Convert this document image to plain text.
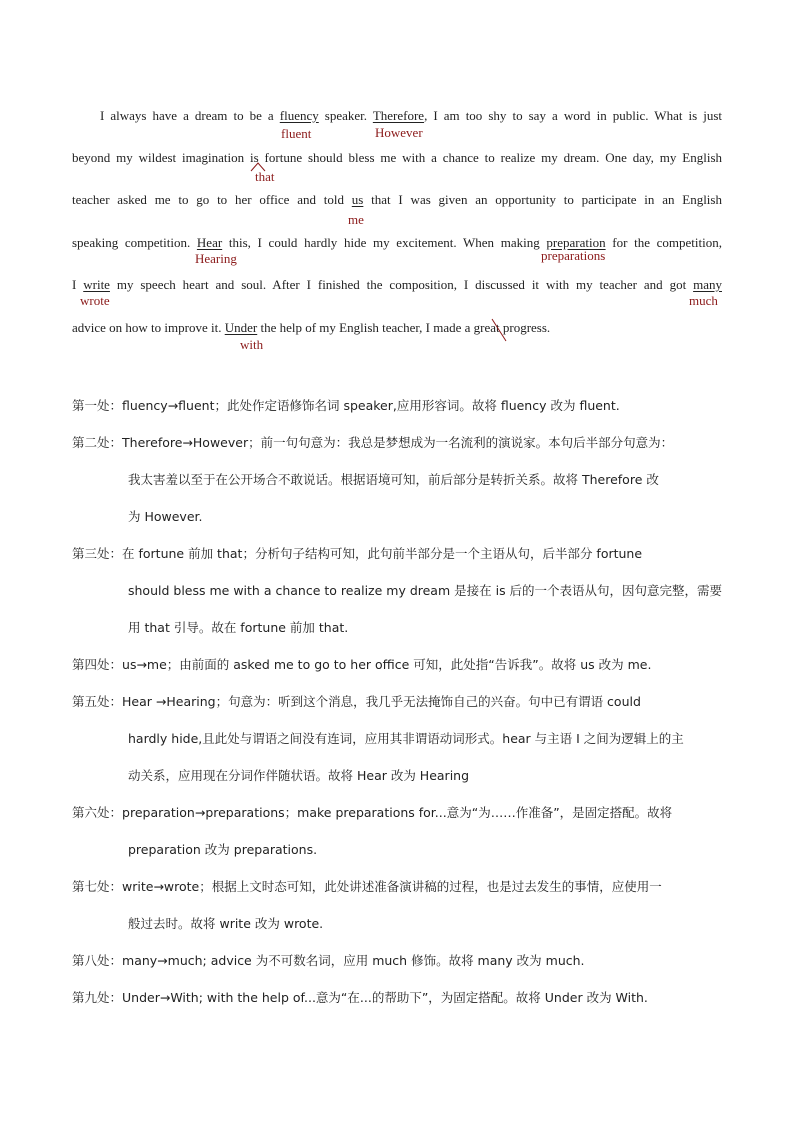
I always have a dream to be a fluency speaker. Therefore, I am too shy to say a word in public. What is just
beyond my wildest imagination is fortune should bless me with a chance to realize my dream. One day, my English
teacher asked me to go to her office and told us that I was given an opportunity to participate in an English
speaking competition. Hear this, I could hardly hide my excitement. When making preparation for the competition,
I write my speech heart and soul. After I finished the composition, I discussed it with my teacher and got many
advice on how to improve it. Under the help of my English teacher, I made a great progress.
fluent	However
that
me
Hearing	preparations
wrote	much
with
第一处：fluency→fluent；此处作定语修饰名词 speaker,应用形容词。故将 fluency 改为 fluent.
第二处：Therefore→However；前一句句意为：我总是梦想成为一名流利的演说家。本句后半部分句意为：
我太害羞以至于在公开场合不敢说话。根据语境可知，前后部分是转折关系。故将 Therefore 改
为 However.
第三处：在 fortune 前加 that；分析句子结构可知，此句前半部分是一个主语从句，后半部分 fortune
should bless me with a chance to realize my dream 是接在 is 后的一个表语从句，因句意完整，需要
用 that 引导。故在 fortune 前加 that.
第四处：us→me；由前面的 asked me to go to her office 可知，此处指“告诉我”。故将 us 改为 me.
第五处：Hear →Hearing；句意为：听到这个消息，我几乎无法掩饰自己的兴奋。句中已有谓语 could
hardly hide,且此处与谓语之间没有连词，应用其非谓语动词形式。hear 与主语 I 之间为逻辑上的主
动关系，应用现在分词作伴随状语。故将 Hear 改为 Hearing
第六处：preparation→preparations；make preparations for...意为“为……作准备”，是固定搭配。故将
preparation 改为 preparations.
第七处：write→wrote；根据上文时态可知，此处讲述准备演讲稿的过程，也是过去发生的事情，应使用一
般过去时。故将 write 改为 wrote.
第八处：many→much; advice 为不可数名词，应用 much 修饰。故将 many 改为 much.
第九处：Under→With; with the help of...意为“在...的帮助下”，为固定搭配。故将 Under 改为 With.
